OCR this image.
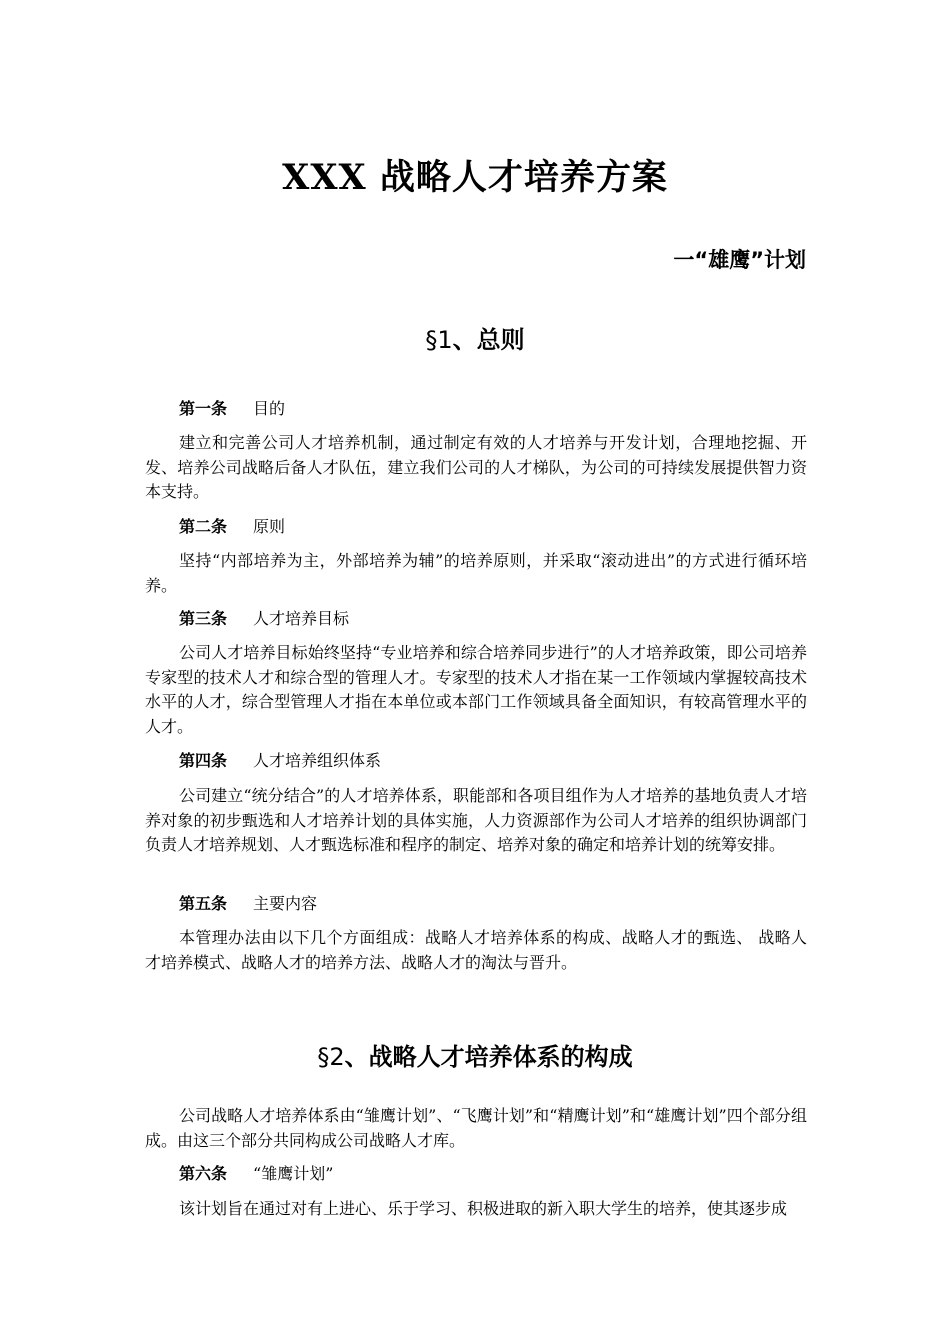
XXX 战略人才培养方案
一“雄鹰”计划
§1、总则
第一条 目的
建立和完善公司人才培养机制，通过制定有效的人才培养与开发计划，合理地挖掘、开发、培养公司战略后备人才队伍，建立我们公司的人才梯队，为公司的可持续发展提供智力资本支持。
第二条 原则
坚持“内部培养为主，外部培养为辅”的培养原则，并采取“滚动进出”的方式进行循环培养。
第三条 人才培养目标
公司人才培养目标始终坚持“专业培养和综合培养同步进行”的人才培养政策，即公司培养专家型的技术人才和综合型的管理人才。专家型的技术人才指在某一工作领域内掌握较高技术水平的人才，综合型管理人才指在本单位或本部门工作领域具备全面知识，有较高管理水平的人才。
第四条 人才培养组织体系
公司建立“统分结合”的人才培养体系，职能部和各项目组作为人才培养的基地负责人才培养对象的初步甄选和人才培养计划的具体实施，人力资源部作为公司人才培养的组织协调部门负责人才培养规划、人才甄选标准和程序的制定、培养对象的确定和培养计划的统筹安排。
第五条 主要内容
本管理办法由以下几个方面组成：战略人才培养体系的构成、战略人才的甄选、 战略人才培养模式、战略人才的培养方法、战略人才的淘汰与晋升。
§2、战略人才培养体系的构成
公司战略人才培养体系由“雏鹰计划”、“飞鹰计划”和“精鹰计划”和“雄鹰计划”四个部分组成。由这三个部分共同构成公司战略人才库。
第六条 “雏鹰计划”
该计划旨在通过对有上进心、乐于学习、积极进取的新入职大学生的培养，使其逐步成
